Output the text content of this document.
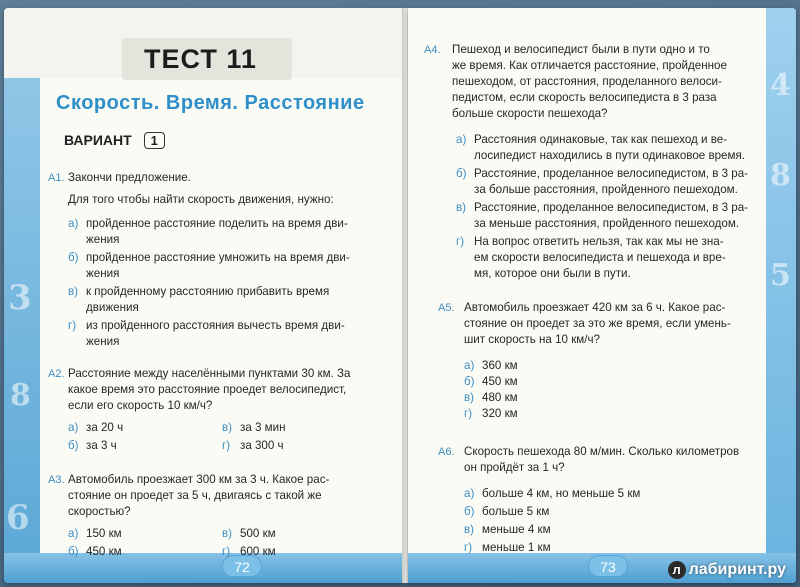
3
8
6
72
ТЕСТ 11
Скорость. Время. Расстояние
ВАРИАНТ 1
А1. Закончи предложение.
Для того чтобы найти скорость движения, нужно:
а) пройденное расстояние поделить на время дви-
жения
б) пройденное расстояние умножить на время дви-
жения
в) к пройденному расстоянию прибавить время
движения
г) из пройденного расстояния вычесть время дви-
жения
А2. Расстояние между населёнными пунктами 30 км. За
какое время это расстояние проедет велосипедист,
если его скорость 10 км/ч?
а) за 20 ч	в) за 3 мин
б) за 3 ч	г) за 300 ч
А3. Автомобиль проезжает 300 км за 3 ч. Какое рас-
стояние он проедет за 5 ч, двигаясь с такой же
скоростью?
а) 150 км	в) 500 км
б) 450 км	г) 600 км
4
8
5
73	л лабиринт.ру
А4. Пешеход и велосипедист были в пути одно и то
же время. Как отличается расстояние, пройденное
пешеходом, от расстояния, проделанного велоси-
педистом, если скорость велосипедиста в 3 раза
больше скорости пешехода?
а) Расстояния одинаковые, так как пешеход и ве-
лосипедист находились в пути одинаковое время.
б) Расстояние, проделанное велосипедистом, в 3 ра-
за больше расстояния, пройденного пешеходом.
в) Расстояние, проделанное велосипедистом, в 3 ра-
за меньше расстояния, пройденного пешеходом.
г) На вопрос ответить нельзя, так как мы не зна-
ем скорости велосипедиста и пешехода и вре-
мя, которое они были в пути.
А5. Автомобиль проезжает 420 км за 6 ч. Какое рас-
стояние он проедет за это же время, если умень-
шит скорость на 10 км/ч?
а) 360 км
б) 450 км
в) 480 км
г) 320 км
А6. Скорость пешехода 80 м/мин. Сколько километров
он пройдёт за 1 ч?
а) больше 4 км, но меньше 5 км
б) больше 5 км
в) меньше 4 км
г) меньше 1 км
